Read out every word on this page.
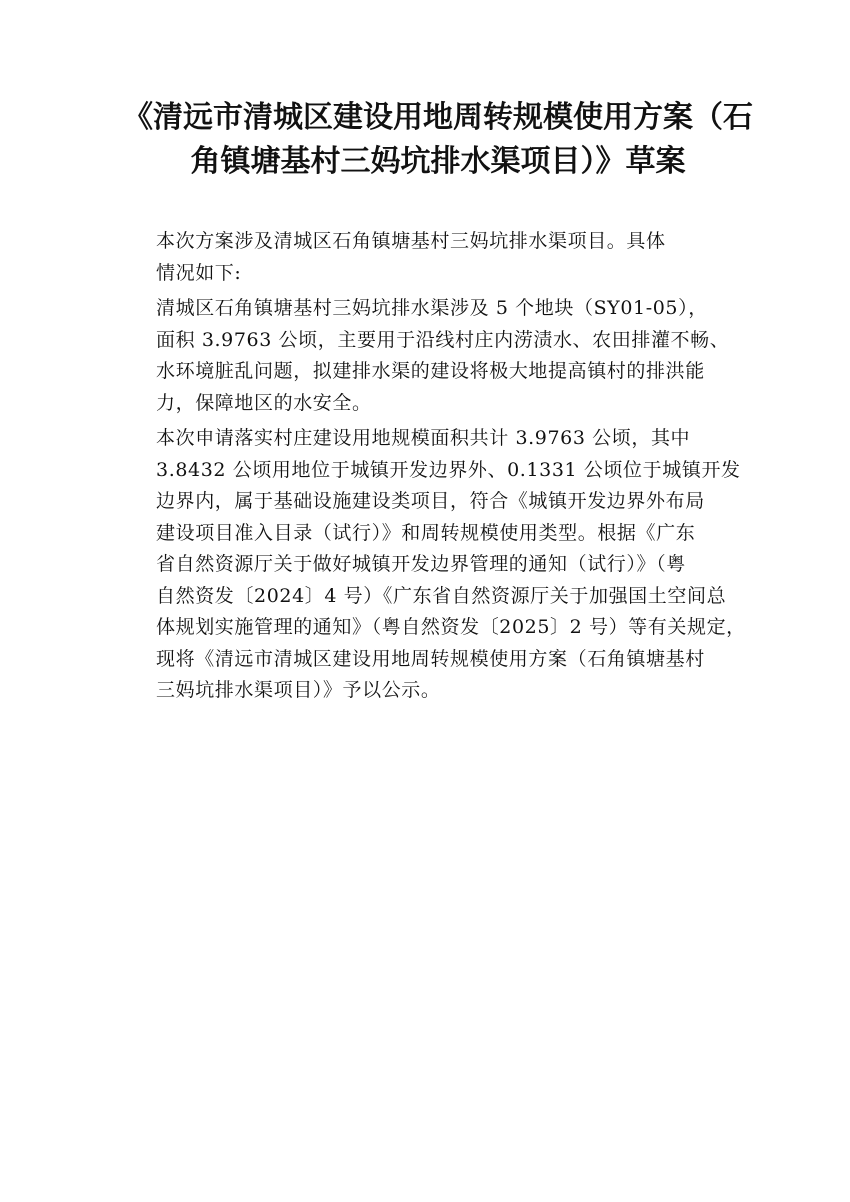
《清远市清城区建设用地周转规模使用方案（石
角镇塘基村三妈坑排水渠项目）》草案

本次方案涉及清城区石角镇塘基村三妈坑排水渠项目。具体
情况如下:

清城区石角镇塘基村三妈坑排水渠涉及 5 个地块（SY01-05），
面积 3.9763 公顷，主要用于沿线村庄内涝渍水、农田排灌不畅、
水环境脏乱问题，拟建排水渠的建设将极大地提高镇村的排洪能
力，保障地区的水安全。

本次申请落实村庄建设用地规模面积共计 3.9763 公顷，其中
3.8432 公顷用地位于城镇开发边界外、0.1331 公顷位于城镇开发
边界内，属于基础设施建设类项目，符合《城镇开发边界外布局
建设项目准入目录（试行）》和周转规模使用类型。根据《广东
省自然资源厅关于做好城镇开发边界管理的通知（试行）》（粤
自然资发〔2024〕4 号）《广东省自然资源厅关于加强国土空间总
体规划实施管理的通知》（粤自然资发〔2025〕2 号）等有关规定，
现将《清远市清城区建设用地周转规模使用方案（石角镇塘基村
三妈坑排水渠项目）》予以公示。
